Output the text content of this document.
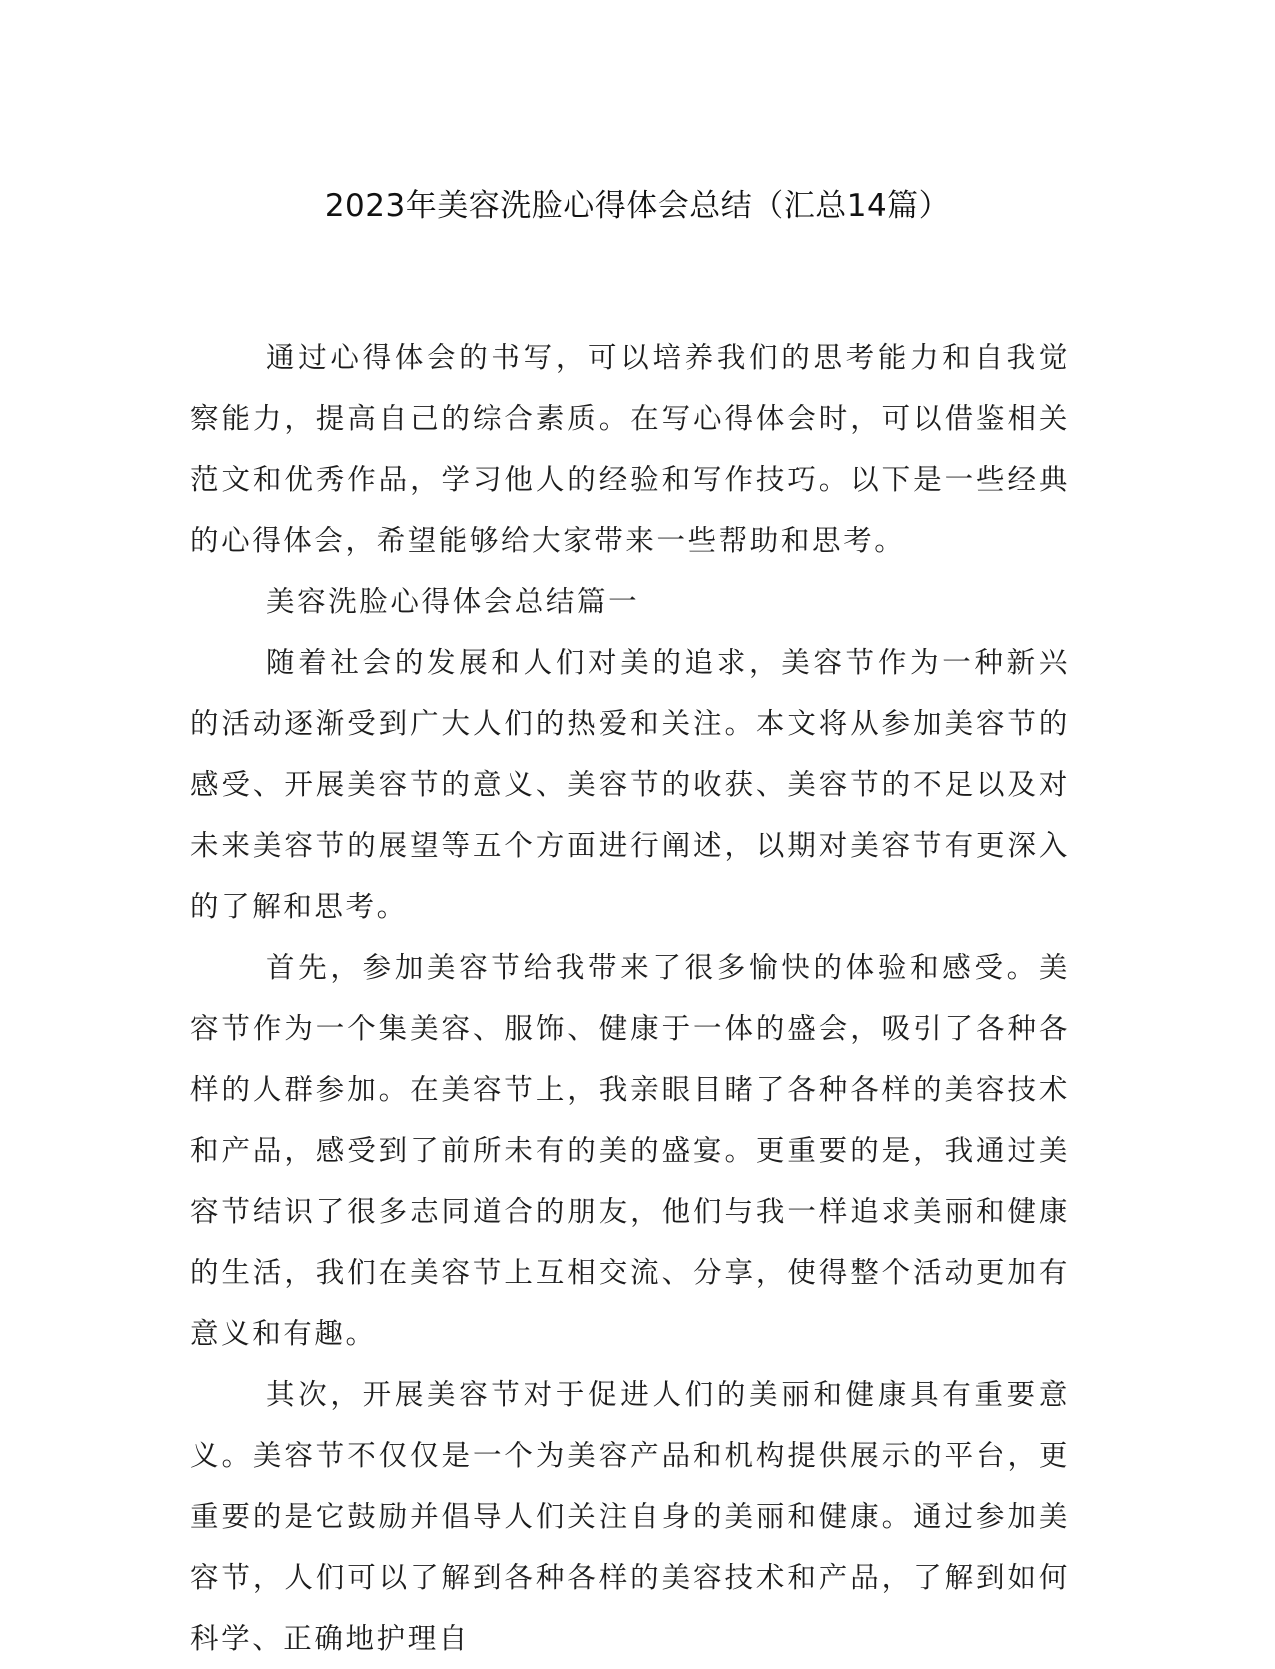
2023年美容洗脸心得体会总结（汇总14篇）

通过心得体会的书写，可以培养我们的思考能力和自我觉察能力，提高自己的综合素质。在写心得体会时，可以借鉴相关范文和优秀作品，学习他人的经验和写作技巧。以下是一些经典的心得体会，希望能够给大家带来一些帮助和思考。

美容洗脸心得体会总结篇一

随着社会的发展和人们对美的追求，美容节作为一种新兴的活动逐渐受到广大人们的热爱和关注。本文将从参加美容节的感受、开展美容节的意义、美容节的收获、美容节的不足以及对未来美容节的展望等五个方面进行阐述，以期对美容节有更深入的了解和思考。

首先，参加美容节给我带来了很多愉快的体验和感受。美容节作为一个集美容、服饰、健康于一体的盛会，吸引了各种各样的人群参加。在美容节上，我亲眼目睹了各种各样的美容技术和产品，感受到了前所未有的美的盛宴。更重要的是，我通过美容节结识了很多志同道合的朋友，他们与我一样追求美丽和健康的生活，我们在美容节上互相交流、分享，使得整个活动更加有意义和有趣。

其次，开展美容节对于促进人们的美丽和健康具有重要意义。美容节不仅仅是一个为美容产品和机构提供展示的平台，更重要的是它鼓励并倡导人们关注自身的美丽和健康。通过参加美容节，人们可以了解到各种各样的美容技术和产品，了解到如何科学、正确地护理自
